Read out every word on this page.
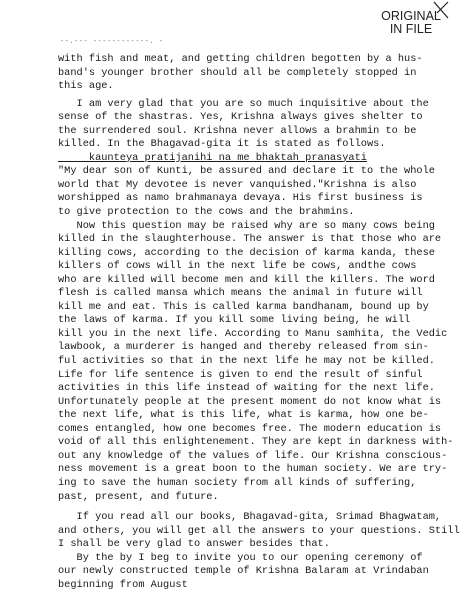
ORIGINAL
IN FILE
--.--- ------------. -
with fish and meat, and getting children begotten by a hus-
band's younger brother should all be completely stopped in
this age.
I am very glad that you are so much inquisitive about the
sense of the shastras. Yes, Krishna always gives shelter to
the surrendered soul. Krishna never allows a brahmin to be
killed. In the Bhagavad-gita it is stated as follows.
kaunteya pratijanihi na me bhaktah pranasyati
"My dear son of Kunti, be assured and declare it to the whole
world that My devotee is never vanquished."Krishna is also
worshipped as namo brahmanaya devaya. His first business is
to give protection to the cows and the brahmins.
Now this question may be raised why are so many cows being
killed in the slaughterhouse. The answer is that those who are
killing cows, according to the decision of karma kanda, these
killers of cows will in the next life be cows, andthe cows
who are killed will become men and kill the killers. The word
flesh is called mansa which means the animal in future will
kill me and eat. This is called karma bandhanam, bound up by
the laws of karma. If you kill some living being, he will
kill you in the next life. According to Manu samhita, the Vedic
lawbook, a murderer is hanged and thereby released from sin-
ful activities so that in the next life he may not be killed.
Life for life sentence is given to end the result of sinful
activities in this life instead of waiting for the next life.
Unfortunately people at the present moment do not know what is
the next life, what is this life, what is karma, how one be-
comes entangled, how one becomes free. The modern education is
void of all this enlightenement. They are kept in darkness with-
out any knowledge of the values of life. Our Krishna conscious-
ness movement is a great boon to the human society. We are try-
ing to save the human society from all kinds of suffering,
past, present, and future.
If you read all our books, Bhagavad-gita, Srimad Bhagwatam,
and others, you will get all the answers to your questions. Still
I shall be very glad to answer besides that.
By the by I beg to invite you to our opening ceremony of
our newly constructed temple of Krishna Balaram at Vrindaban
beginning from August
